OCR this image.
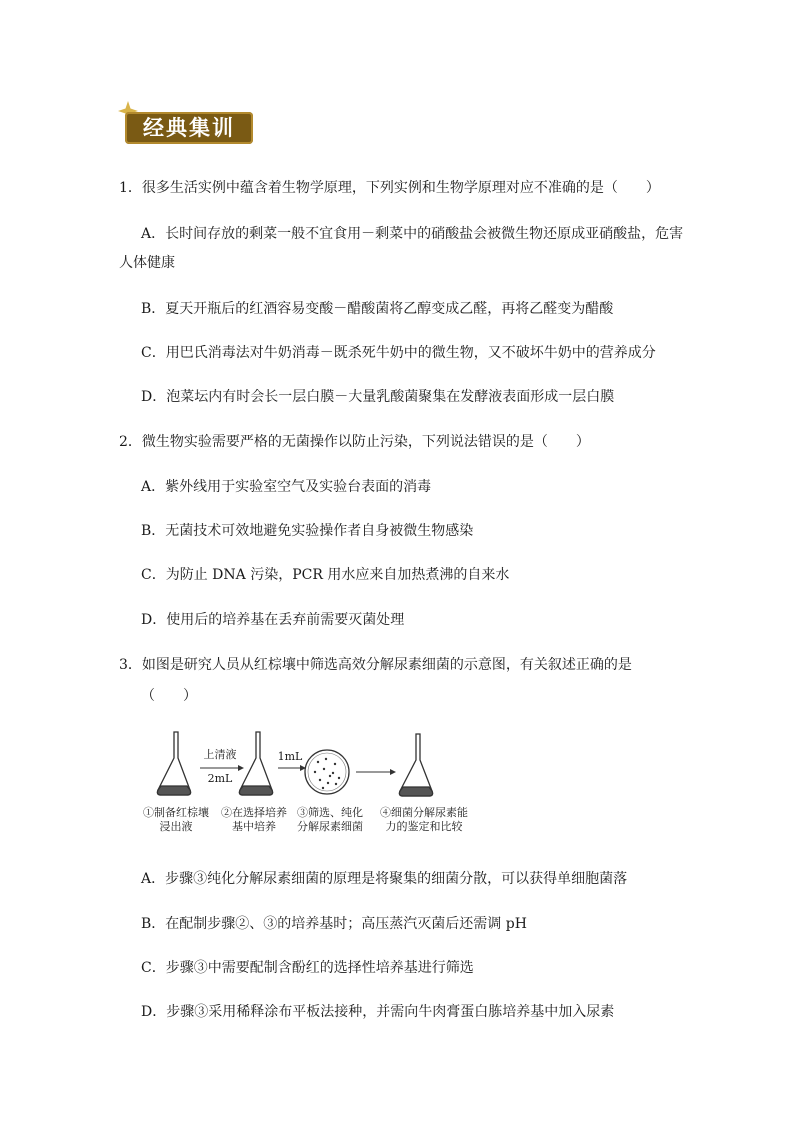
经典集训
1．很多生活实例中蕴含着生物学原理，下列实例和生物学原理对应不准确的是（　　）
A．长时间存放的剩菜一般不宜食用－剩菜中的硝酸盐会被微生物还原成亚硝酸盐，危害
人体健康
B．夏天开瓶后的红酒容易变酸－醋酸菌将乙醇变成乙醛，再将乙醛变为醋酸
C．用巴氏消毒法对牛奶消毒－既杀死牛奶中的微生物，又不破坏牛奶中的营养成分
D．泡菜坛内有时会长一层白膜－大量乳酸菌聚集在发酵液表面形成一层白膜
2．微生物实验需要严格的无菌操作以防止污染，下列说法错误的是（　　）
A．紫外线用于实验室空气及实验台表面的消毒
B．无菌技术可效地避免实验操作者自身被微生物感染
C．为防止 DNA 污染，PCR 用水应来自加热煮沸的自来水
D．使用后的培养基在丢弃前需要灭菌处理
3．如图是研究人员从红棕壤中筛选高效分解尿素细菌的示意图，有关叙述正确的是
（　　）
上清液
2mL
1mL
①制备红棕壤
浸出液
②在选择培养
基中培养
③筛选、纯化
分解尿素细菌
④细菌分解尿素能
力的鉴定和比较
A．步骤③纯化分解尿素细菌的原理是将聚集的细菌分散，可以获得单细胞菌落
B．在配制步骤②、③的培养基时；高压蒸汽灭菌后还需调 pH
C．步骤③中需要配制含酚红的选择性培养基进行筛选
D．步骤③采用稀释涂布平板法接种，并需向牛肉膏蛋白胨培养基中加入尿素
